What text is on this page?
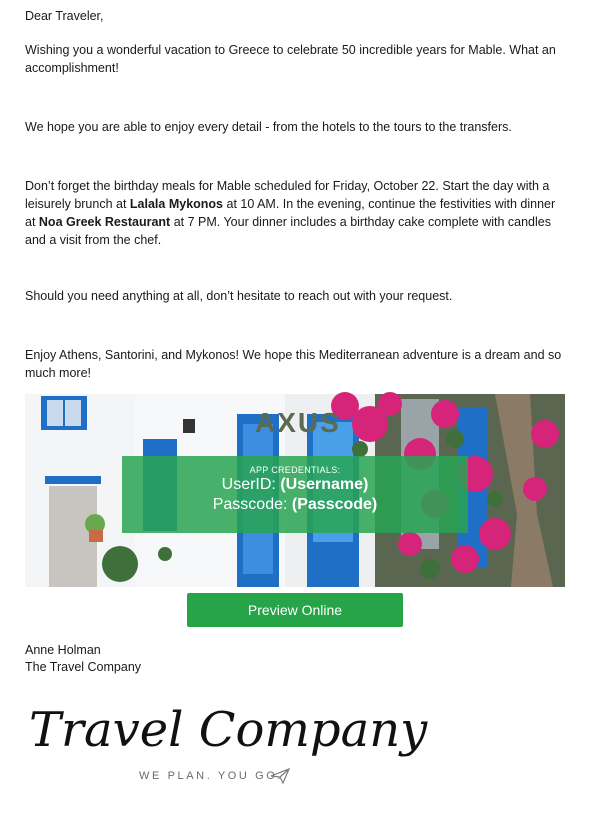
Dear Traveler,

Wishing you a wonderful vacation to Greece to celebrate 50 incredible years for Mable. What an accomplishment!

We hope you are able to enjoy every detail - from the hotels to the tours to the transfers.

Don’t forget the birthday meals for Mable scheduled for Friday, October 22. Start the day with a leisurely brunch at Lalala Mykonos at 10 AM. In the evening, continue the festivities with dinner at Noa Greek Restaurant at 7 PM. Your dinner includes a birthday cake complete with candles and a visit from the chef.

Should you need anything at all, don’t hesitate to reach out with your request.

Enjoy Athens, Santorini, and Mykonos! We hope this Mediterranean adventure is a dream and so much more!

AXUS
APP CREDENTIALS:
UserID: (Username)
Passcode: (Passcode)
Preview Online
Anne Holman
The Travel Company
Travel Company
WE PLAN. YOU GO.
